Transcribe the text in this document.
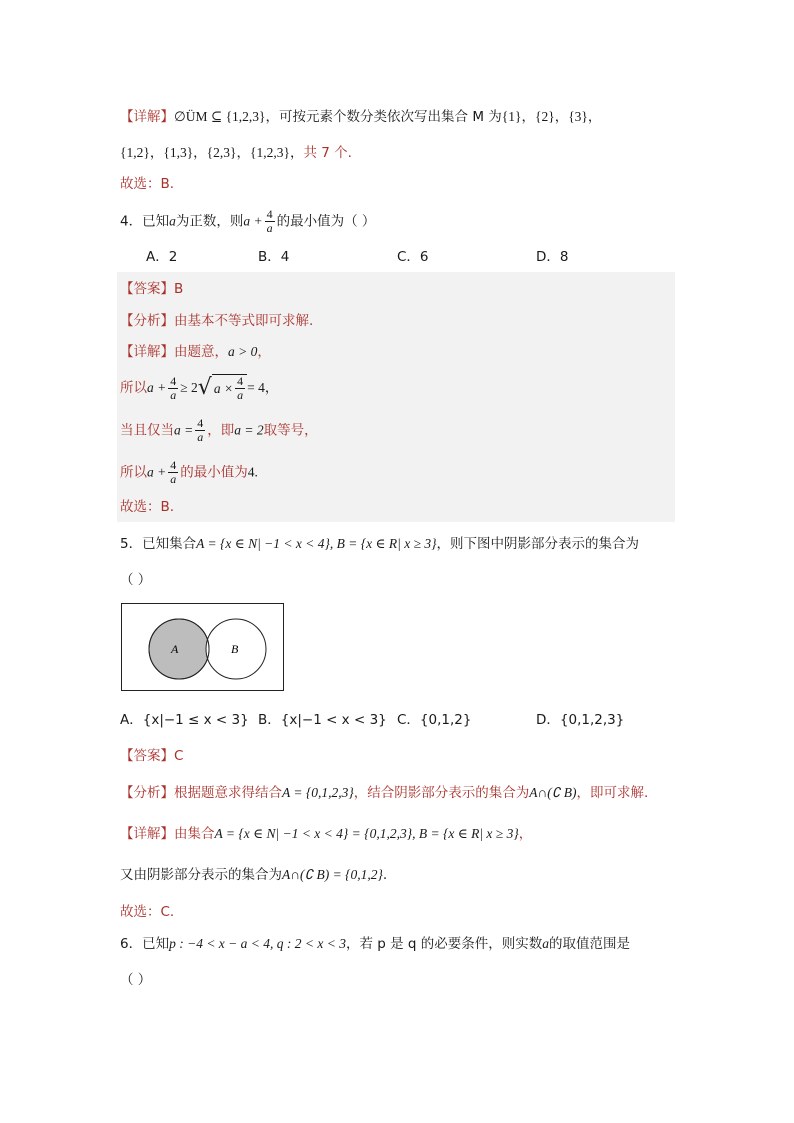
【详解】∅ÜM ⊆ {1,2,3}，可按元素个数分类依次写出集合 M 为{1}，{2}，{3}，
{1,2}，{1,3}，{2,3}，{1,2,3}，共 7 个.
故选：B.
4．已知a为正数，则$a + \frac{4}{a}$ 的最小值为（ ）
A．2	B．4	C．6	D．8
【答案】B
【分析】由基本不等式即可求解.
【详解】由题意，a > 0，
所以$a + \frac{4}{a} \ge 2$ √ $a \times \frac{4}{a} = 4$，
当且仅当$a = \frac{4}{a}$ ，即a = 2取等号，
所以$a + \frac{4}{a}$ 的最小值为4.
故选：B.
5．已知集合A = {x ∈ N| −1 < x < 4}, B = {x ∈ R| x ≥ 3}，则下图中阴影部分表示的集合为
（ ）
A	B
A．{x|−1 ≤ x < 3} B．{x|−1 < x < 3} C．{0,1,2}	D．{0,1,2,3}
【答案】C
【分析】根据题意求得结合A = {0,1,2,3}，结合阴影部分表示的集合为A∩(∁ B)，即可求解.
【详解】由集合A = {x ∈ N| −1 < x < 4} = {0,1,2,3}, B = {x ∈ R| x ≥ 3}，
又由阴影部分表示的集合为A∩(∁ B) = {0,1,2}.
故选：C.
6．已知p : −4 < x − a < 4, q : 2 < x < 3，若 p 是 q 的必要条件，则实数a的取值范围是
（ ）
